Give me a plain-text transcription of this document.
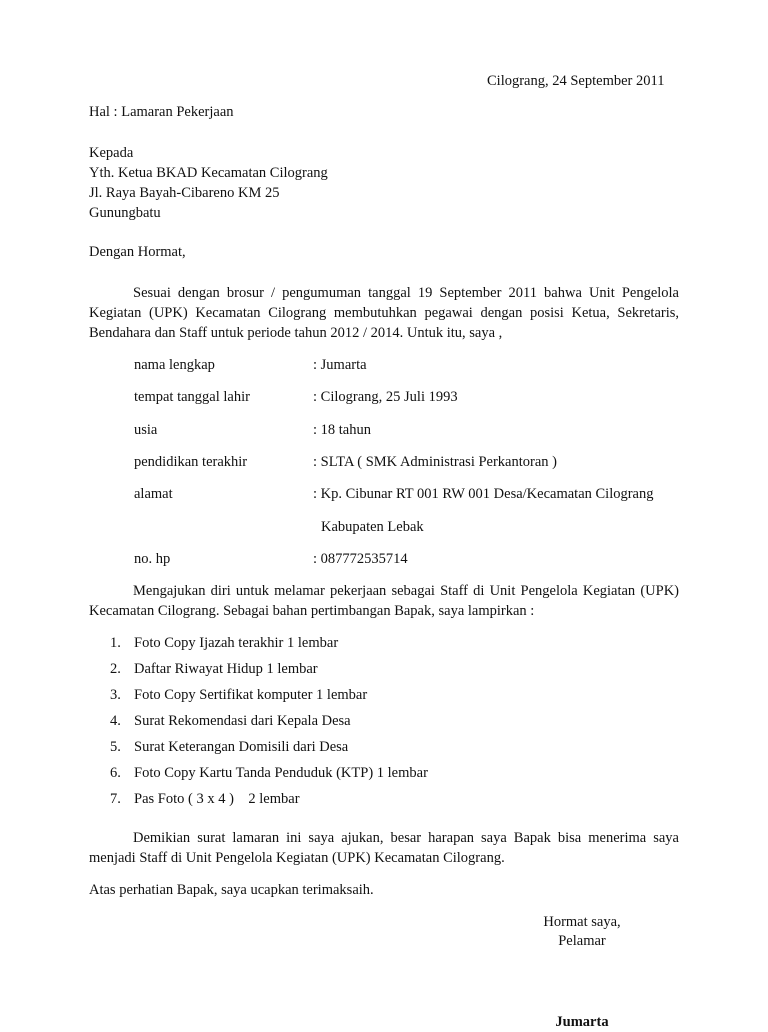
Cilograng, 24 September 2011
Hal : Lamaran Pekerjaan
Kepada
Yth. Ketua BKAD Kecamatan Cilograng
Jl. Raya Bayah-Cibareno KM 25
Gunungbatu
Dengan Hormat,
Sesuai dengan brosur / pengumuman tanggal 19 September 2011 bahwa Unit Pengelola Kegiatan (UPK) Kecamatan Cilograng membutuhkan pegawai dengan posisi Ketua, Sekretaris, Bendahara dan Staff untuk periode tahun 2012 / 2014. Untuk itu, saya ,
nama lengkap	: Jumarta
tempat tanggal lahir	: Cilograng, 25 Juli 1993
usia	: 18 tahun
pendidikan terakhir	: SLTA ( SMK Administrasi Perkantoran )
alamat	: Kp. Cibunar RT 001 RW 001 Desa/Kecamatan Cilograng
Kabupaten Lebak
no. hp	: 087772535714
Mengajukan diri untuk melamar pekerjaan sebagai Staff di Unit Pengelola Kegiatan (UPK) Kecamatan Cilograng. Sebagai bahan pertimbangan Bapak, saya lampirkan :
1. Foto Copy Ijazah terakhir 1 lembar
2. Daftar Riwayat Hidup 1 lembar
3. Foto Copy Sertifikat komputer 1 lembar
4. Surat Rekomendasi dari Kepala Desa
5. Surat Keterangan Domisili dari Desa
6. Foto Copy Kartu Tanda Penduduk (KTP) 1 lembar
7. Pas Foto ( 3 x 4 )    2 lembar
Demikian surat lamaran ini saya ajukan, besar harapan saya Bapak bisa menerima saya menjadi Staff di Unit Pengelola Kegiatan (UPK) Kecamatan Cilograng.
Atas perhatian Bapak, saya ucapkan terimaksaih.
Hormat saya,
Pelamar
Jumarta
